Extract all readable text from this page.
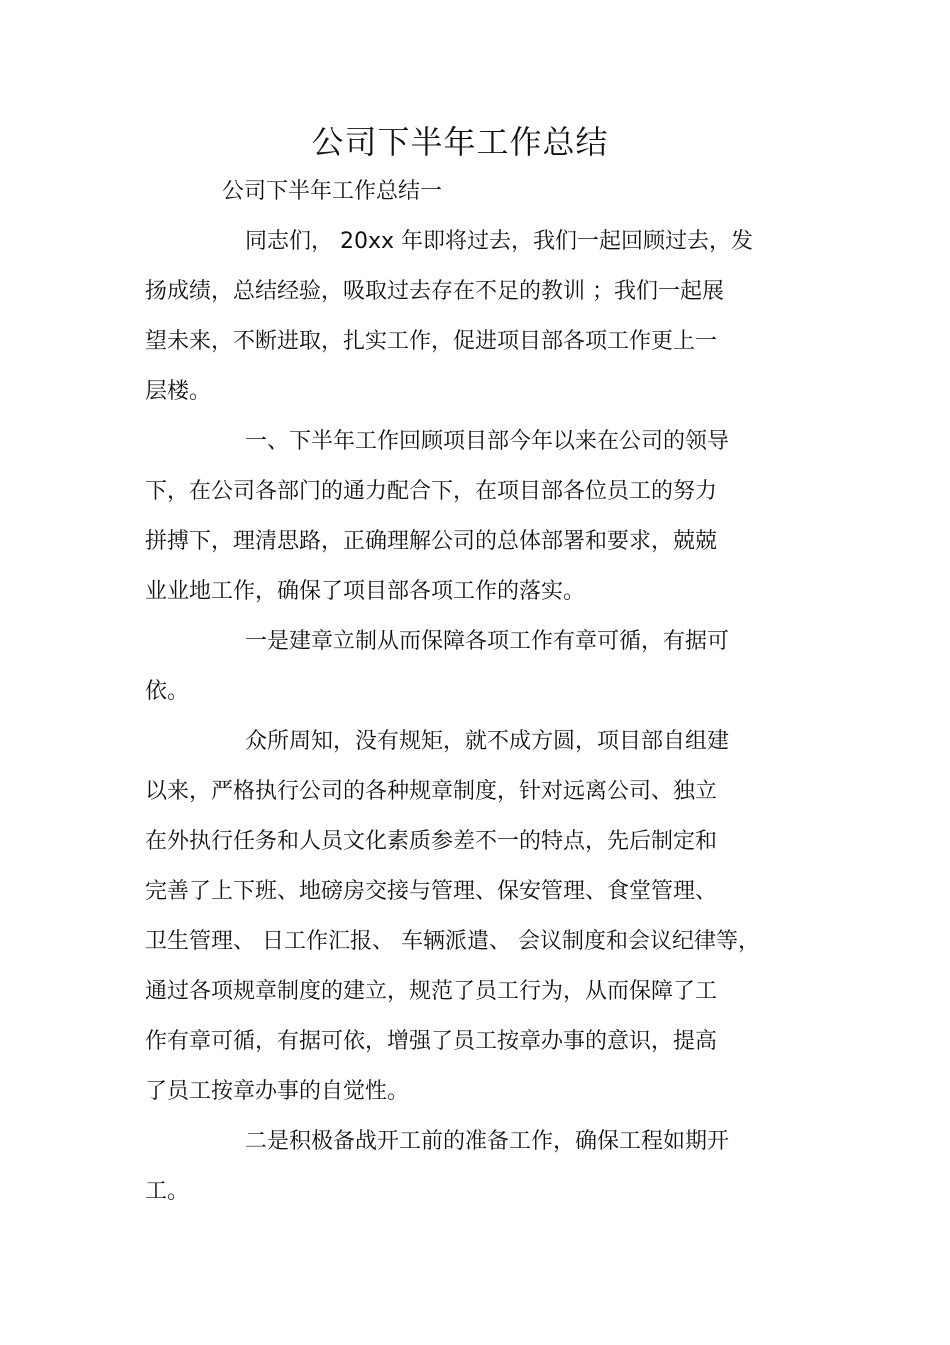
公司下半年工作总结
公司下半年工作总结一
同志们， 20xx 年即将过去，我们一起回顾过去，发
扬成绩，总结经验，吸取过去存在不足的教训 ；我们一起展
望未来，不断进取，扎实工作，促进项目部各项工作更上一
层楼。
一、下半年工作回顾项目部今年以来在公司的领导
下，在公司各部门的通力配合下，在项目部各位员工的努力
拼搏下，理清思路，正确理解公司的总体部署和要求，兢兢
业业地工作，确保了项目部各项工作的落实。
一是建章立制从而保障各项工作有章可循，有据可
依。
众所周知，没有规矩，就不成方圆，项目部自组建
以来，严格执行公司的各种规章制度，针对远离公司、独立
在外执行任务和人员文化素质参差不一的特点，先后制定和
完善了上下班、地磅房交接与管理、保安管理、食堂管理、
卫生管理、 日工作汇报、 车辆派遣、 会议制度和会议纪律等，
通过各项规章制度的建立，规范了员工行为，从而保障了工
作有章可循，有据可依，增强了员工按章办事的意识，提高
了员工按章办事的自觉性。
二是积极备战开工前的准备工作，确保工程如期开
工。
